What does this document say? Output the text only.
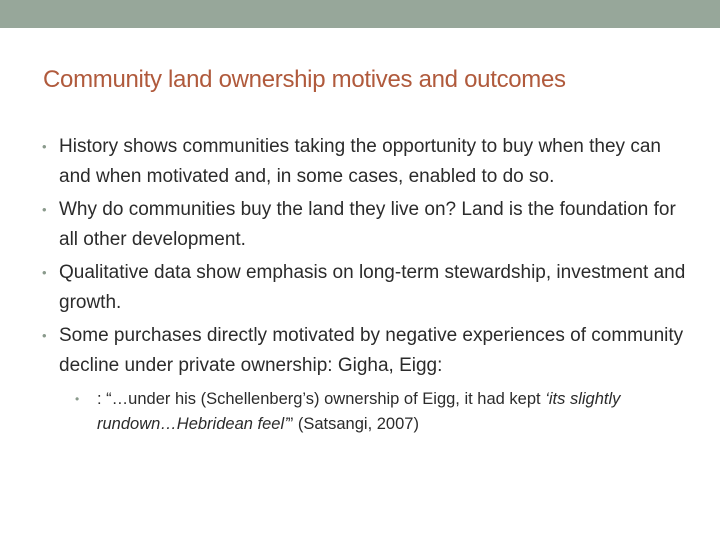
Community land ownership motives and outcomes
• History shows communities taking the opportunity to buy when they can and when motivated and, in some cases, enabled to do so.
• Why do communities buy the land they live on? Land is the foundation for all other development.
• Qualitative data show emphasis on long-term stewardship, investment and growth.
• Some purchases directly motivated by negative experiences of community decline under private ownership: Gigha, Eigg:
• : “…under his (Schellenberg’s) ownership of Eigg, it had kept ‘its slightly rundown…Hebridean feel’” (Satsangi, 2007)
